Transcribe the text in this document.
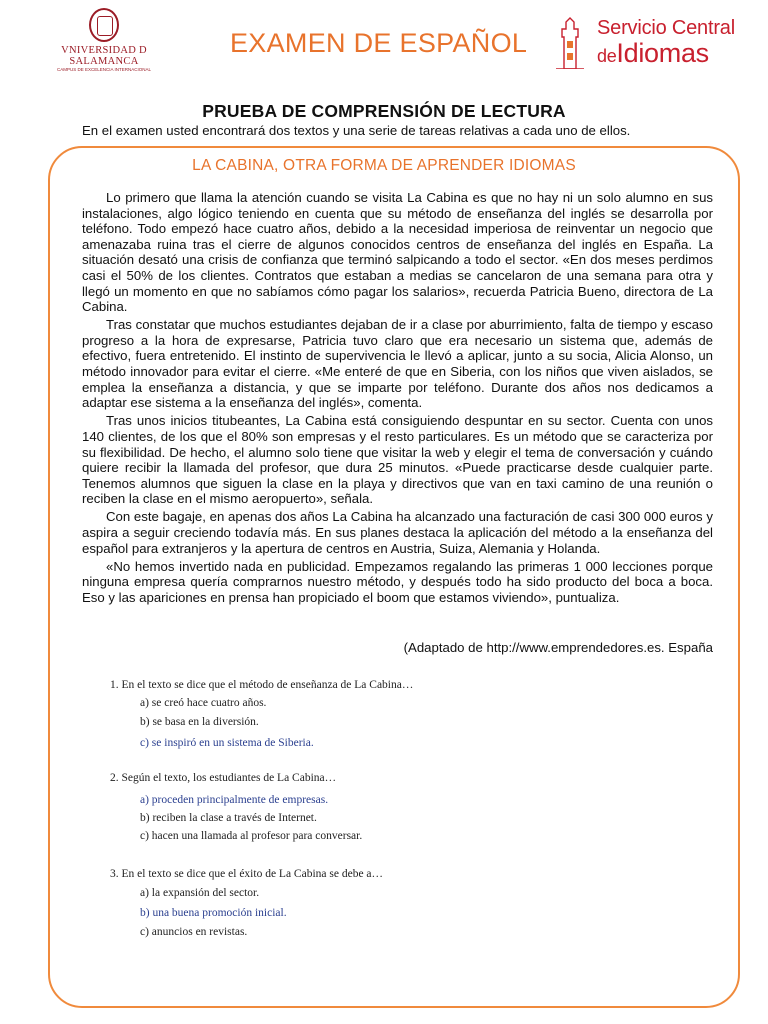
VNIVERSIDAD D SALAMANCA
CAMPUS DE EXCELENCIA INTERNACIONAL
EXAMEN DE ESPAÑOL	Servicio Central
deIdiomas
PRUEBA DE COMPRENSIÓN DE LECTURA
En el examen usted encontrará dos textos y una serie de tareas relativas a cada uno de ellos.
LA CABINA, OTRA FORMA DE APRENDER IDIOMAS

Lo primero que llama la atención cuando se visita La Cabina es que no hay ni un solo alumno en sus instalaciones, algo lógico teniendo en cuenta que su método de enseñanza del inglés se desarrolla por teléfono. Todo empezó hace cuatro años, debido a la necesidad imperiosa de reinventar un negocio que amenazaba ruina tras el cierre de algunos conocidos centros de enseñanza del inglés en España. La situación desató una crisis de confianza que terminó salpicando a todo el sector. «En dos meses perdimos casi el 50% de los clientes. Contratos que estaban a medias se cancelaron de una semana para otra y llegó un momento en que no sabíamos cómo pagar los salarios», recuerda Patricia Bueno, directora de La Cabina.

Tras constatar que muchos estudiantes dejaban de ir a clase por aburrimiento, falta de tiempo y escaso progreso a la hora de expresarse, Patricia tuvo claro que era necesario un sistema que, además de efectivo, fuera entretenido. El instinto de supervivencia le llevó a aplicar, junto a su socia, Alicia Alonso, un método innovador para evitar el cierre. «Me enteré de que en Siberia, con los niños que viven aislados, se emplea la enseñanza a distancia, y que se imparte por teléfono. Durante dos años nos dedicamos a adaptar ese sistema a la enseñanza del inglés», comenta.

Tras unos inicios titubeantes, La Cabina está consiguiendo despuntar en su sector. Cuenta con unos 140 clientes, de los que el 80% son empresas y el resto particulares. Es un método que se caracteriza por su flexibilidad. De hecho, el alumno solo tiene que visitar la web y elegir el tema de conversación y cuándo quiere recibir la llamada del profesor, que dura 25 minutos. «Puede practicarse desde cualquier parte. Tenemos alumnos que siguen la clase en la playa y directivos que van en taxi camino de una reunión o reciben la clase en el mismo aeropuerto», señala.

Con este bagaje, en apenas dos años La Cabina ha alcanzado una facturación de casi 300 000 euros y aspira a seguir creciendo todavía más. En sus planes destaca la aplicación del método a la enseñanza del español para extranjeros y la apertura de centros en Austria, Suiza, Alemania y Holanda.

«No hemos invertido nada en publicidad. Empezamos regalando las primeras 1 000 lecciones porque ninguna empresa quería comprarnos nuestro método, y después todo ha sido producto del boca a boca. Eso y las apariciones en prensa han propiciado el boom que estamos viviendo», puntualiza.

(Adaptado de http://www.emprendedores.es. España
1. En el texto se dice que el método de enseñanza de La Cabina…
a) se creó hace cuatro años.
b) se basa en la diversión.
c) se inspiró en un sistema de Siberia.
2. Según el texto, los estudiantes de La Cabina…
a) proceden principalmente de empresas.
b) reciben la clase a través de Internet.
c) hacen una llamada al profesor para conversar.
3. En el texto se dice que el éxito de La Cabina se debe a…
a) la expansión del sector.
b) una buena promoción inicial.
c) anuncios en revistas.
